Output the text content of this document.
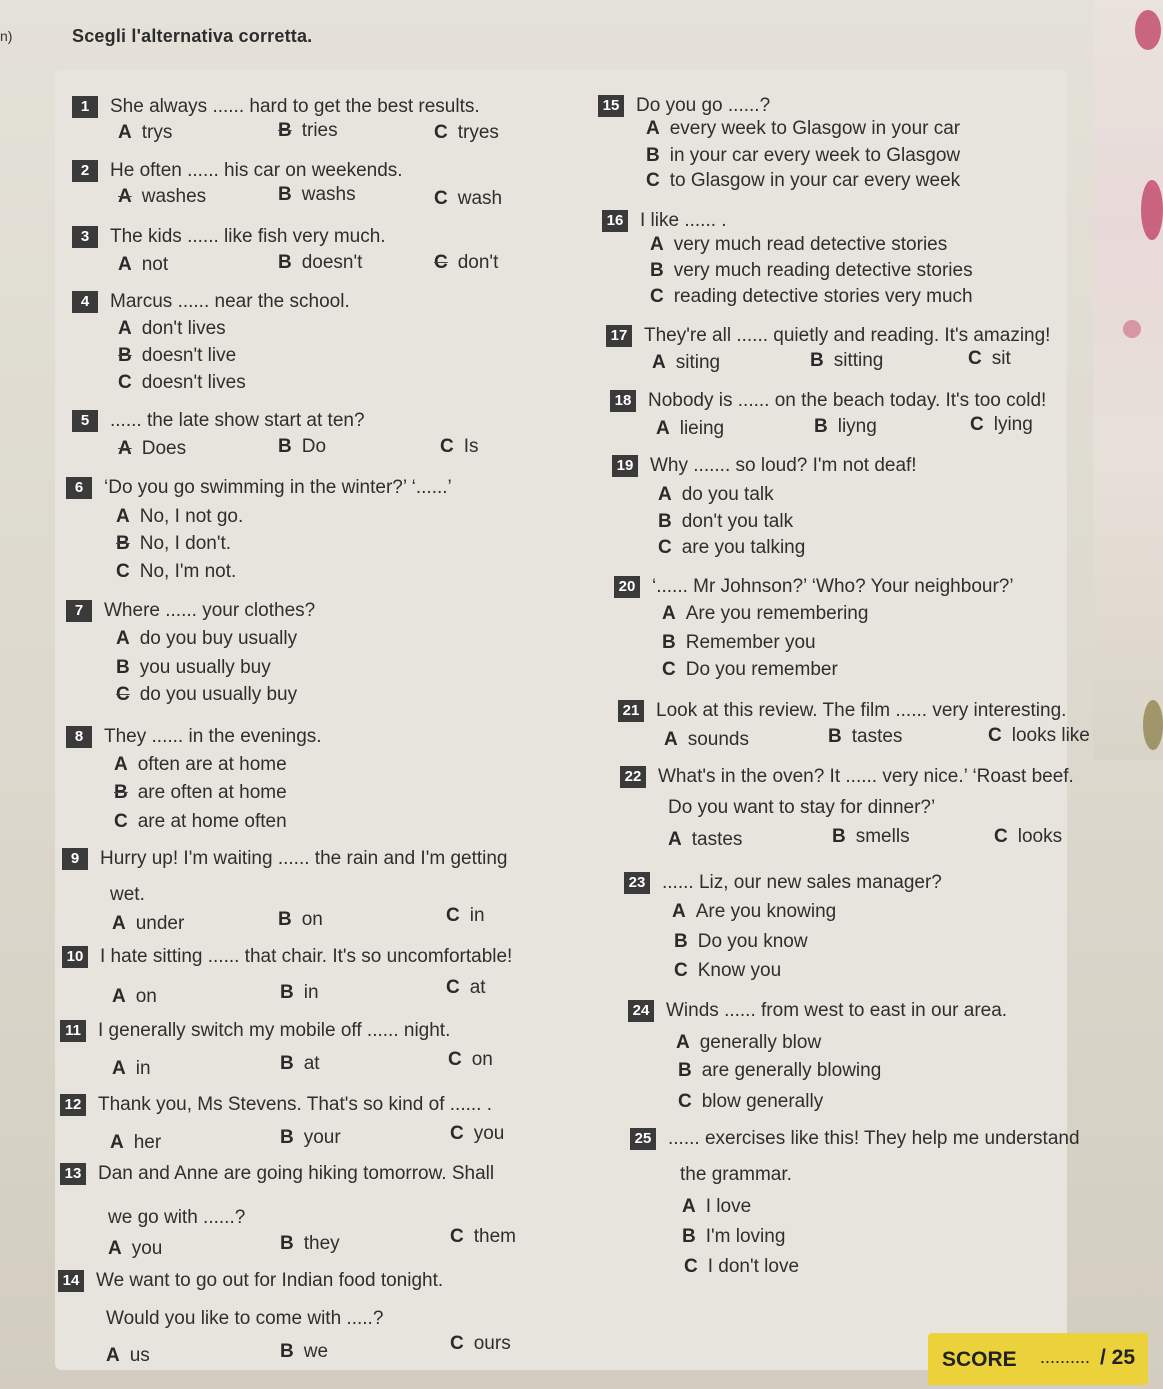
n)	Scegli l'alternativa corretta.
1 She always ...... hard to get the best results.
A trys	B tries	C tryes
2 He often ...... his car on weekends.
A washes	B washs	C wash
3 The kids ...... like fish very much.
A not	B doesn't	C don't
4 Marcus ...... near the school.
A don't lives
B doesn't live
C doesn't lives
5 ...... the late show start at ten?
A Does	B Do	C Is
6 ‘Do you go swimming in the winter?’ ‘......’
A No, I not go.
B No, I don't.
C No, I'm not.
7 Where ...... your clothes?
A do you buy usually
B you usually buy
C do you usually buy
8 They ...... in the evenings.
A often are at home
B are often at home
C are at home often
9 Hurry up! I'm waiting ...... the rain and I'm getting
wet.
A under	B on	C in
10 I hate sitting ...... that chair. It's so uncomfortable!
A on	B in	C at
11 I generally switch my mobile off ...... night.
A in	B at	C on
12 Thank you, Ms Stevens. That's so kind of ...... .
A her	B your	C you
13 Dan and Anne are going hiking tomorrow. Shall
we go with ......?
A you	B they	C them
14 We want to go out for Indian food tonight.
Would you like to come with .....?
A us	B we	C ours
15 Do you go ......?
A every week to Glasgow in your car
B in your car every week to Glasgow
C to Glasgow in your car every week
16 I like ...... .
A very much read detective stories
B very much reading detective stories
C reading detective stories very much
17 They're all ...... quietly and reading. It's amazing!
A siting	B sitting	C sit
18 Nobody is ...... on the beach today. It's too cold!
A lieing	B liyng	C lying
19 Why ....... so loud? I'm not deaf!
A do you talk
B don't you talk
C are you talking
20 ‘...... Mr Johnson?’ ‘Who? Your neighbour?’
A Are you remembering
B Remember you
C Do you remember
21 Look at this review. The film ...... very interesting.
A sounds	B tastes	C looks like
22 What's in the oven? It ...... very nice.’ ‘Roast beef.
Do you want to stay for dinner?’
A tastes	B smells	C looks
23 ...... Liz, our new sales manager?
A Are you knowing
B Do you know
C Know you
24 Winds ...... from west to east in our area.
A generally blow
B are generally blowing
C blow generally
25 ...... exercises like this! They help me understand
the grammar.
A I love
B I'm loving
C I don't love
SCORE .......... / 25
